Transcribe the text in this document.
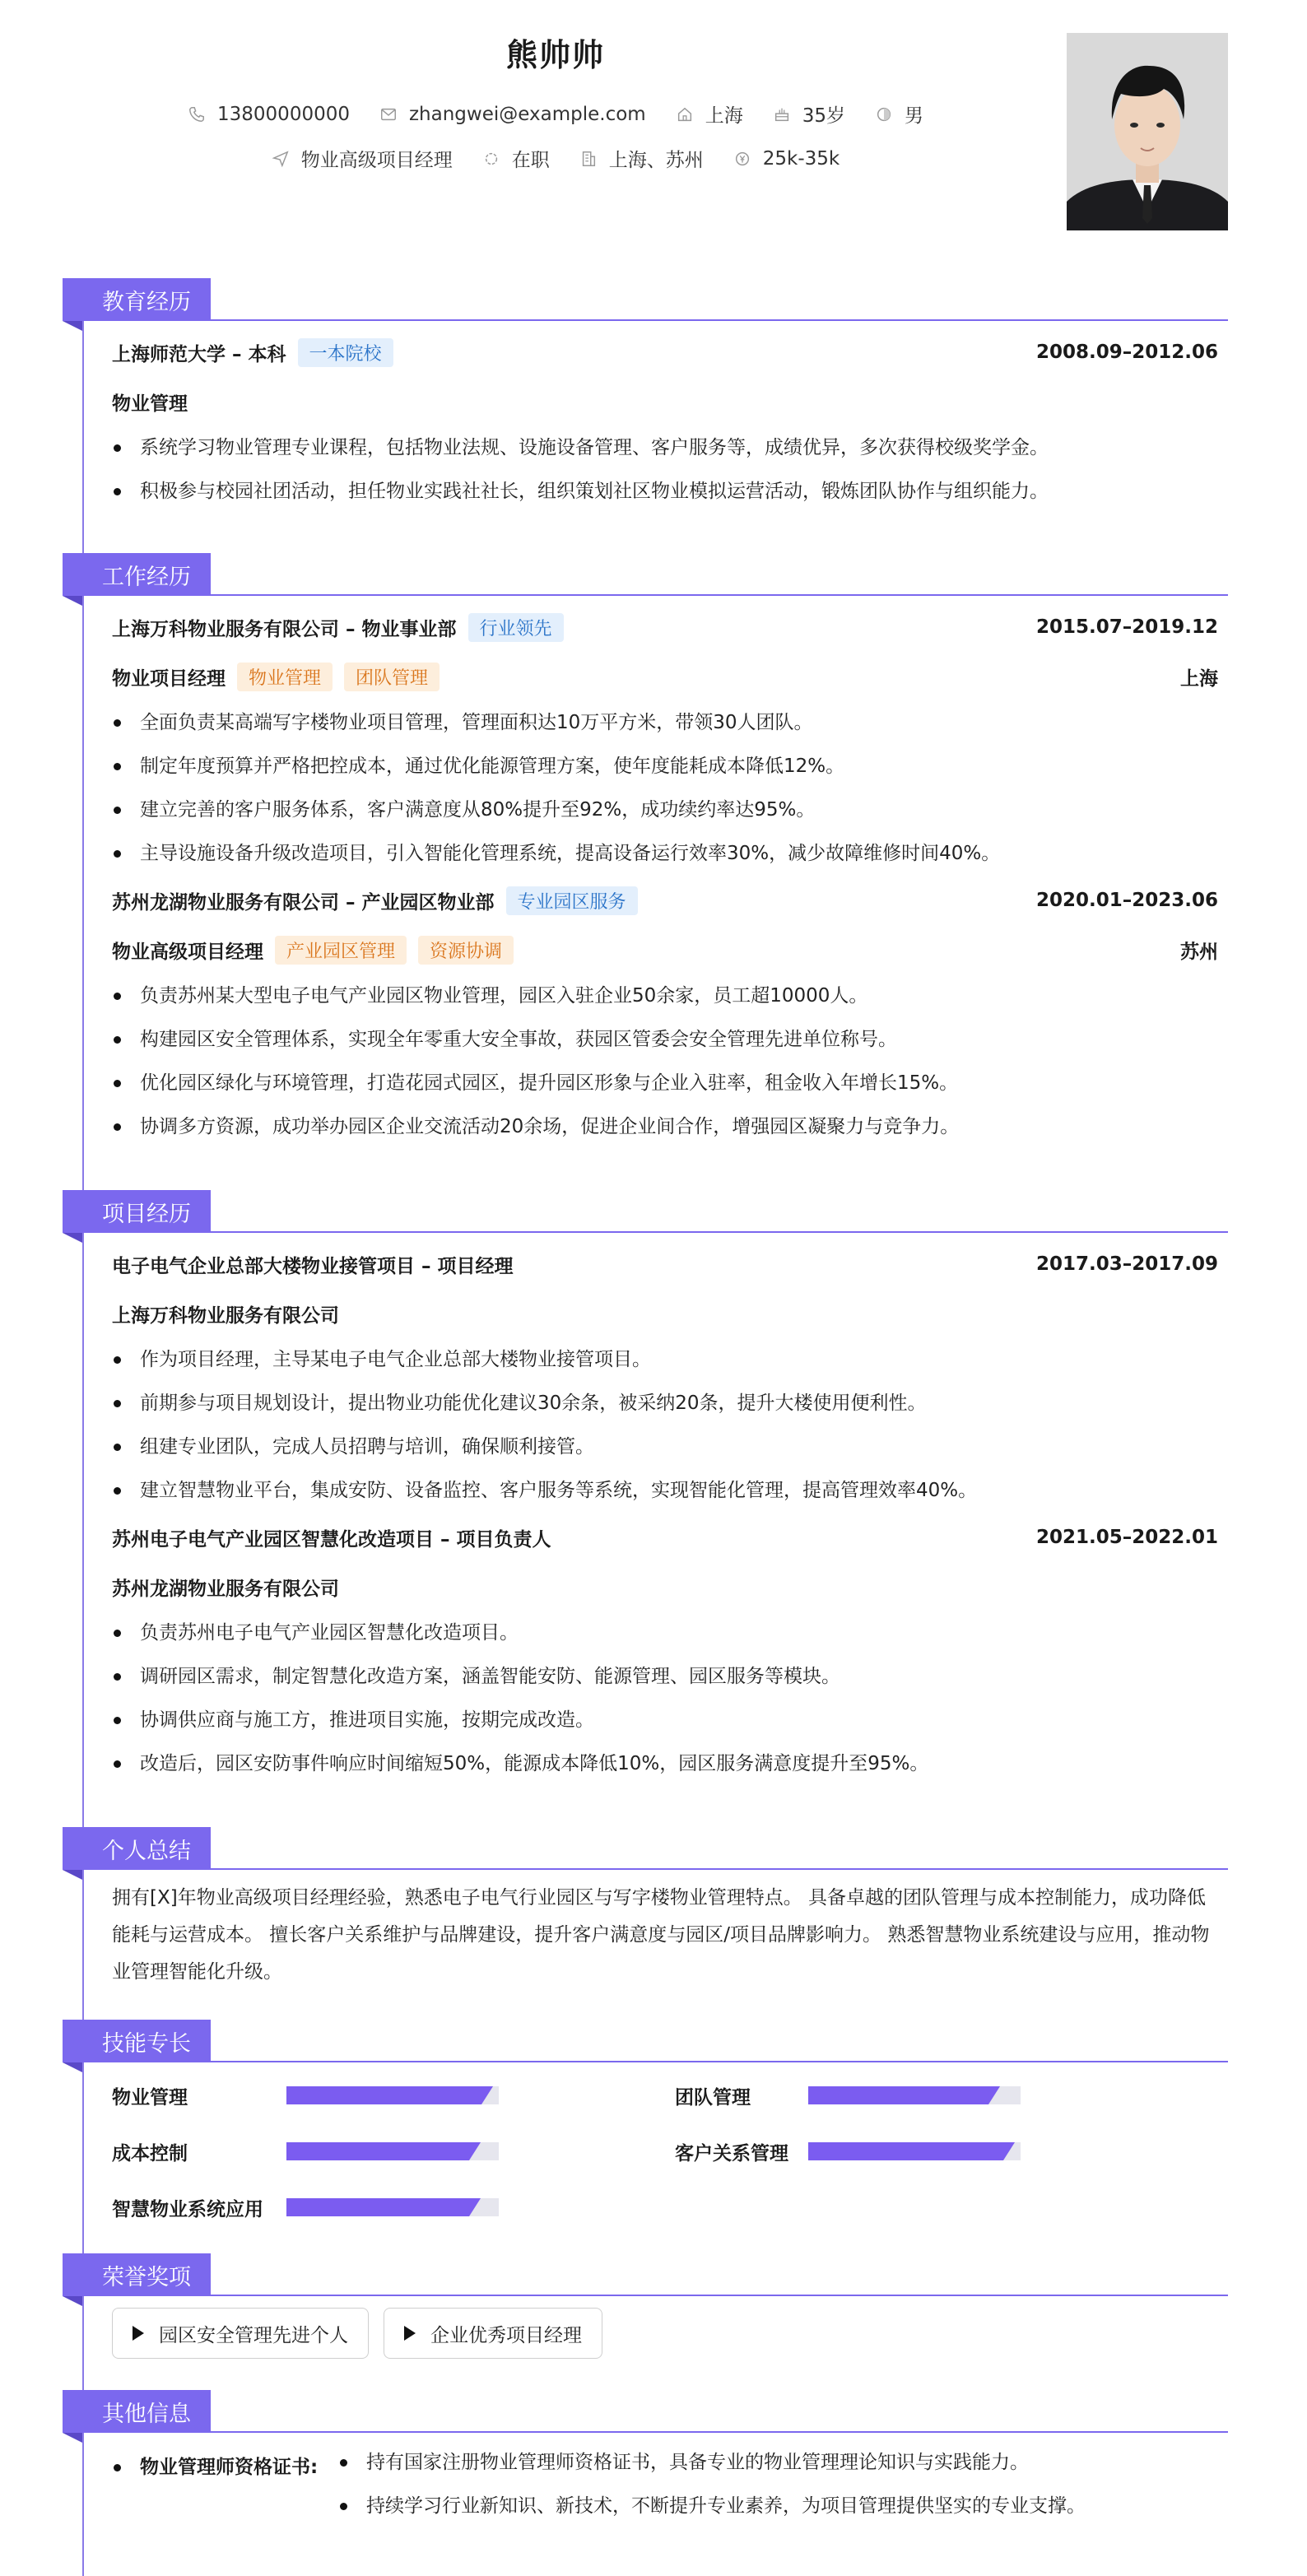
熊帅帅
13800000000	zhangwei@example.com	上海	35岁	男
物业高级项目经理	在职	上海、苏州	25k-35k
教育经历
上海师范大学 – 本科	一本院校	2008.09–2012.06
物业管理
系统学习物业管理专业课程，包括物业法规、设施设备管理、客户服务等，成绩优异，多次获得校级奖学金。
积极参与校园社团活动，担任物业实践社社长，组织策划社区物业模拟运营活动，锻炼团队协作与组织能力。
工作经历
上海万科物业服务有限公司 – 物业事业部	行业领先	2015.07–2019.12
物业项目经理	物业管理	团队管理	上海
全面负责某高端写字楼物业项目管理，管理面积达10万平方米，带领30人团队。
制定年度预算并严格把控成本，通过优化能源管理方案，使年度能耗成本降低12%。
建立完善的客户服务体系，客户满意度从80%提升至92%，成功续约率达95%。
主导设施设备升级改造项目，引入智能化管理系统，提高设备运行效率30%，减少故障维修时间40%。
苏州龙湖物业服务有限公司 – 产业园区物业部	专业园区服务	2020.01–2023.06
物业高级项目经理	产业园区管理	资源协调	苏州
负责苏州某大型电子电气产业园区物业管理，园区入驻企业50余家，员工超10000人。
构建园区安全管理体系，实现全年零重大安全事故，获园区管委会安全管理先进单位称号。
优化园区绿化与环境管理，打造花园式园区，提升园区形象与企业入驻率，租金收入年增长15%。
协调多方资源，成功举办园区企业交流活动20余场，促进企业间合作，增强园区凝聚力与竞争力。
项目经历
电子电气企业总部大楼物业接管项目 – 项目经理	2017.03–2017.09
上海万科物业服务有限公司
作为项目经理，主导某电子电气企业总部大楼物业接管项目。
前期参与项目规划设计，提出物业功能优化建议30余条，被采纳20条，提升大楼使用便利性。
组建专业团队，完成人员招聘与培训，确保顺利接管。
建立智慧物业平台，集成安防、设备监控、客户服务等系统，实现智能化管理，提高管理效率40%。
苏州电子电气产业园区智慧化改造项目 – 项目负责人	2021.05–2022.01
苏州龙湖物业服务有限公司
负责苏州电子电气产业园区智慧化改造项目。
调研园区需求，制定智慧化改造方案，涵盖智能安防、能源管理、园区服务等模块。
协调供应商与施工方，推进项目实施，按期完成改造。
改造后，园区安防事件响应时间缩短50%，能源成本降低10%，园区服务满意度提升至95%。
个人总结
拥有[X]年物业高级项目经理经验，熟悉电子电气行业园区与写字楼物业管理特点。 具备卓越的团队管理与成本控制能力，成功降低能耗与运营成本。 擅长客户关系维护与品牌建设，提升客户满意度与园区/项目品牌影响力。 熟悉智慧物业系统建设与应用，推动物业管理智能化升级。
技能专长
物业管理	团队管理
成本控制	客户关系管理
智慧物业系统应用
荣誉奖项
园区安全管理先进个人	企业优秀项目经理
其他信息
物业管理师资格证书:	持有国家注册物业管理师资格证书，具备专业的物业管理理论知识与实践能力。
持续学习行业新知识、新技术，不断提升专业素养，为项目管理提供坚实的专业支撑。
